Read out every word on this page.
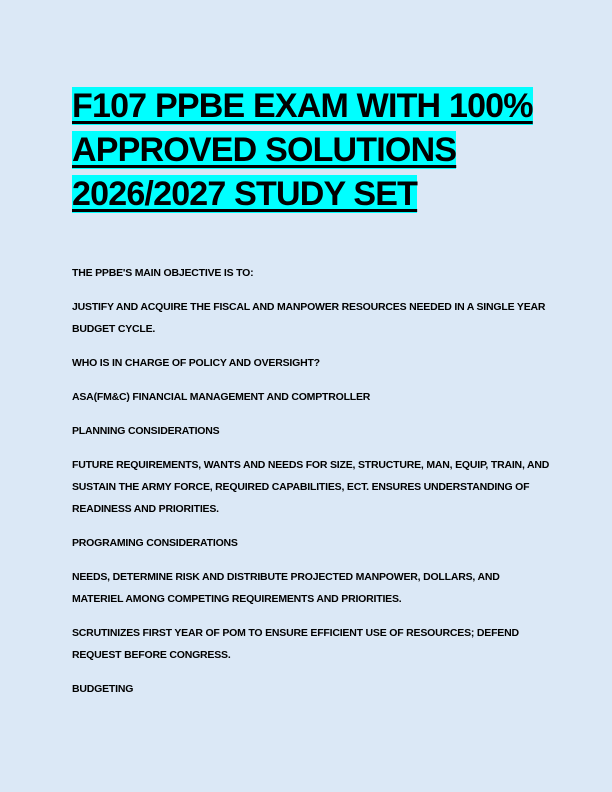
F107 PPBE EXAM WITH 100%
APPROVED SOLUTIONS
2026/2027 STUDY SET

THE PPBE'S MAIN OBJECTIVE IS TO:

JUSTIFY AND ACQUIRE THE FISCAL AND MANPOWER RESOURCES NEEDED IN A SINGLE YEAR BUDGET CYCLE.

WHO IS IN CHARGE OF POLICY AND OVERSIGHT?

ASA(FM&C) FINANCIAL MANAGEMENT AND COMPTROLLER

PLANNING CONSIDERATIONS

FUTURE REQUIREMENTS, WANTS AND NEEDS FOR SIZE, STRUCTURE, MAN, EQUIP, TRAIN, AND SUSTAIN THE ARMY FORCE, REQUIRED CAPABILITIES, ECT. ENSURES UNDERSTANDING OF READINESS AND PRIORITIES.

PROGRAMING CONSIDERATIONS

NEEDS, DETERMINE RISK AND DISTRIBUTE PROJECTED MANPOWER, DOLLARS, AND MATERIEL AMONG COMPETING REQUIREMENTS AND PRIORITIES.

SCRUTINIZES FIRST YEAR OF POM TO ENSURE EFFICIENT USE OF RESOURCES; DEFEND REQUEST BEFORE CONGRESS.

BUDGETING
